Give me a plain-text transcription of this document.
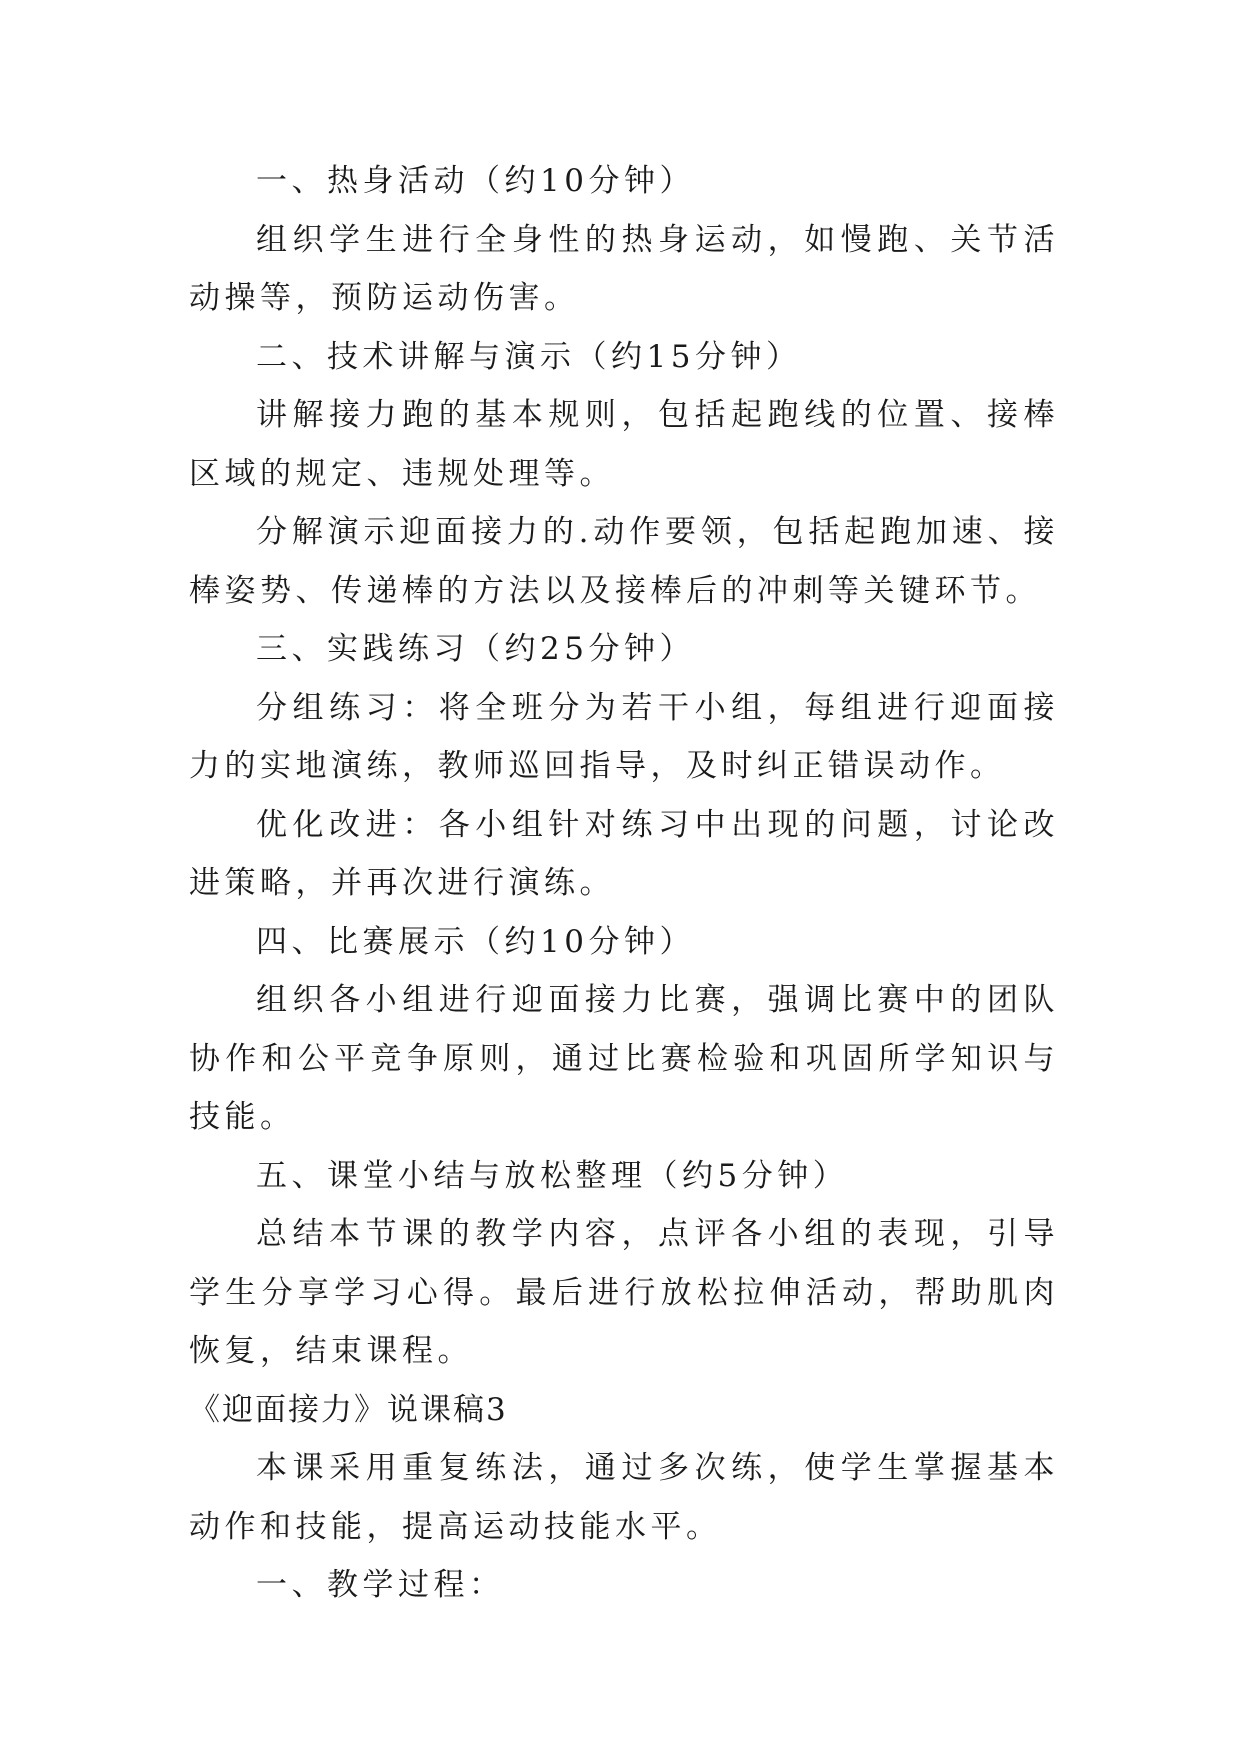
一、热身活动（约10分钟）

组织学生进行全身性的热身运动，如慢跑、关节活动操等，预防运动伤害。

二、技术讲解与演示（约15分钟）

讲解接力跑的基本规则，包括起跑线的位置、接棒区域的规定、违规处理等。

分解演示迎面接力的.动作要领，包括起跑加速、接棒姿势、传递棒的方法以及接棒后的冲刺等关键环节。

三、实践练习（约25分钟）

分组练习：将全班分为若干小组，每组进行迎面接力的实地演练，教师巡回指导，及时纠正错误动作。

优化改进：各小组针对练习中出现的问题，讨论改进策略，并再次进行演练。

四、比赛展示（约10分钟）

组织各小组进行迎面接力比赛，强调比赛中的团队协作和公平竞争原则，通过比赛检验和巩固所学知识与技能。

五、课堂小结与放松整理（约5分钟）

总结本节课的教学内容，点评各小组的表现，引导学生分享学习心得。最后进行放松拉伸活动，帮助肌肉恢复，结束课程。

《迎面接力》说课稿3

本课采用重复练法，通过多次练，使学生掌握基本动作和技能，提高运动技能水平。

一、教学过程：
